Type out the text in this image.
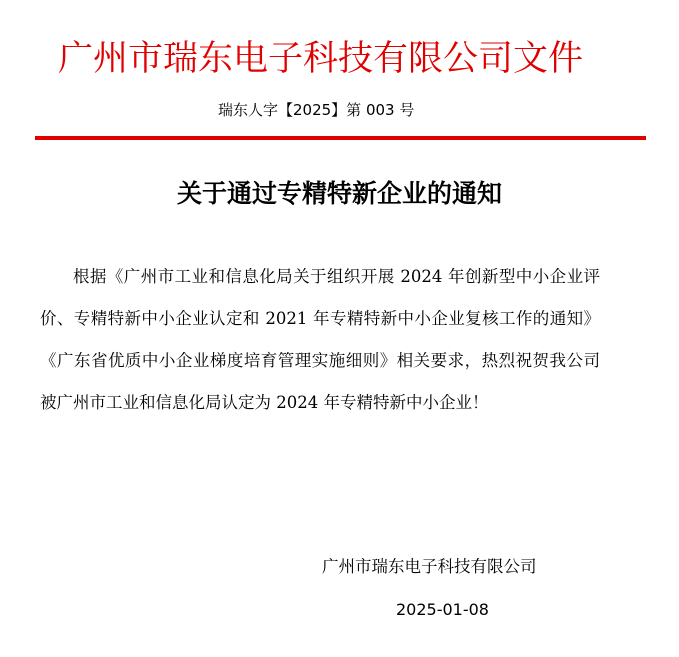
广州市瑞东电子科技有限公司文件
瑞东人字【2025】第 003 号
关于通过专精特新企业的通知

根据《广州市工业和信息化局关于组织开展 2024 年创新型中小企业评价、专精特新中小企业认定和 2021 年专精特新中小企业复核工作的通知》《广东省优质中小企业梯度培育管理实施细则》相关要求，热烈祝贺我公司被广州市工业和信息化局认定为 2024 年专精特新中小企业！

广州市瑞东电子科技有限公司
2025-01-08
